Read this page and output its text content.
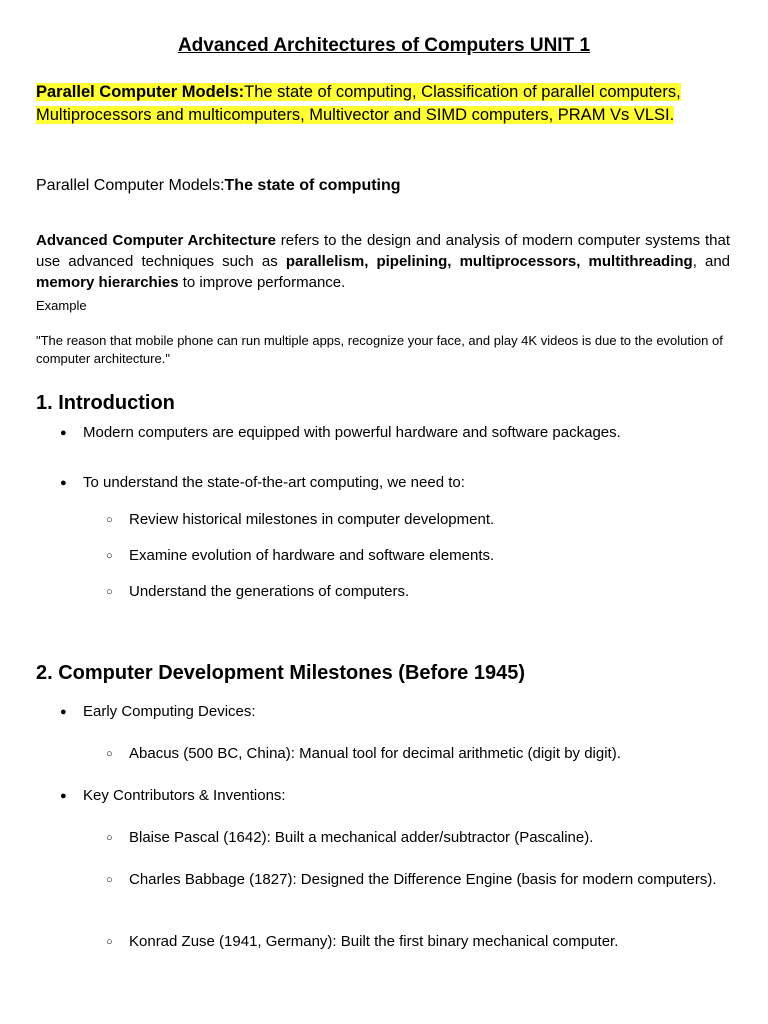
Advanced Architectures of Computers UNIT 1
Parallel Computer Models:The state of computing, Classification of parallel computers, Multiprocessors and multicomputers, Multivector and SIMD computers, PRAM Vs VLSI.
Parallel Computer Models:The state of computing
Advanced Computer Architecture refers to the design and analysis of modern computer systems that use advanced techniques such as parallelism, pipelining, multiprocessors, multithreading, and memory hierarchies to improve performance.
Example
"The reason that mobile phone can run multiple apps, recognize your face, and play 4K videos is due to the evolution of computer architecture."
1. Introduction
● Modern computers are equipped with powerful hardware and software packages.
● To understand the state-of-the-art computing, we need to:
○ Review historical milestones in computer development.
○ Examine evolution of hardware and software elements.
○ Understand the generations of computers.
2. Computer Development Milestones (Before 1945)
● Early Computing Devices:
○ Abacus (500 BC, China): Manual tool for decimal arithmetic (digit by digit).
● Key Contributors & Inventions:
○ Blaise Pascal (1642): Built a mechanical adder/subtractor (Pascaline).
○ Charles Babbage (1827): Designed the Difference Engine (basis for modern computers).
○ Konrad Zuse (1941, Germany): Built the first binary mechanical computer.
